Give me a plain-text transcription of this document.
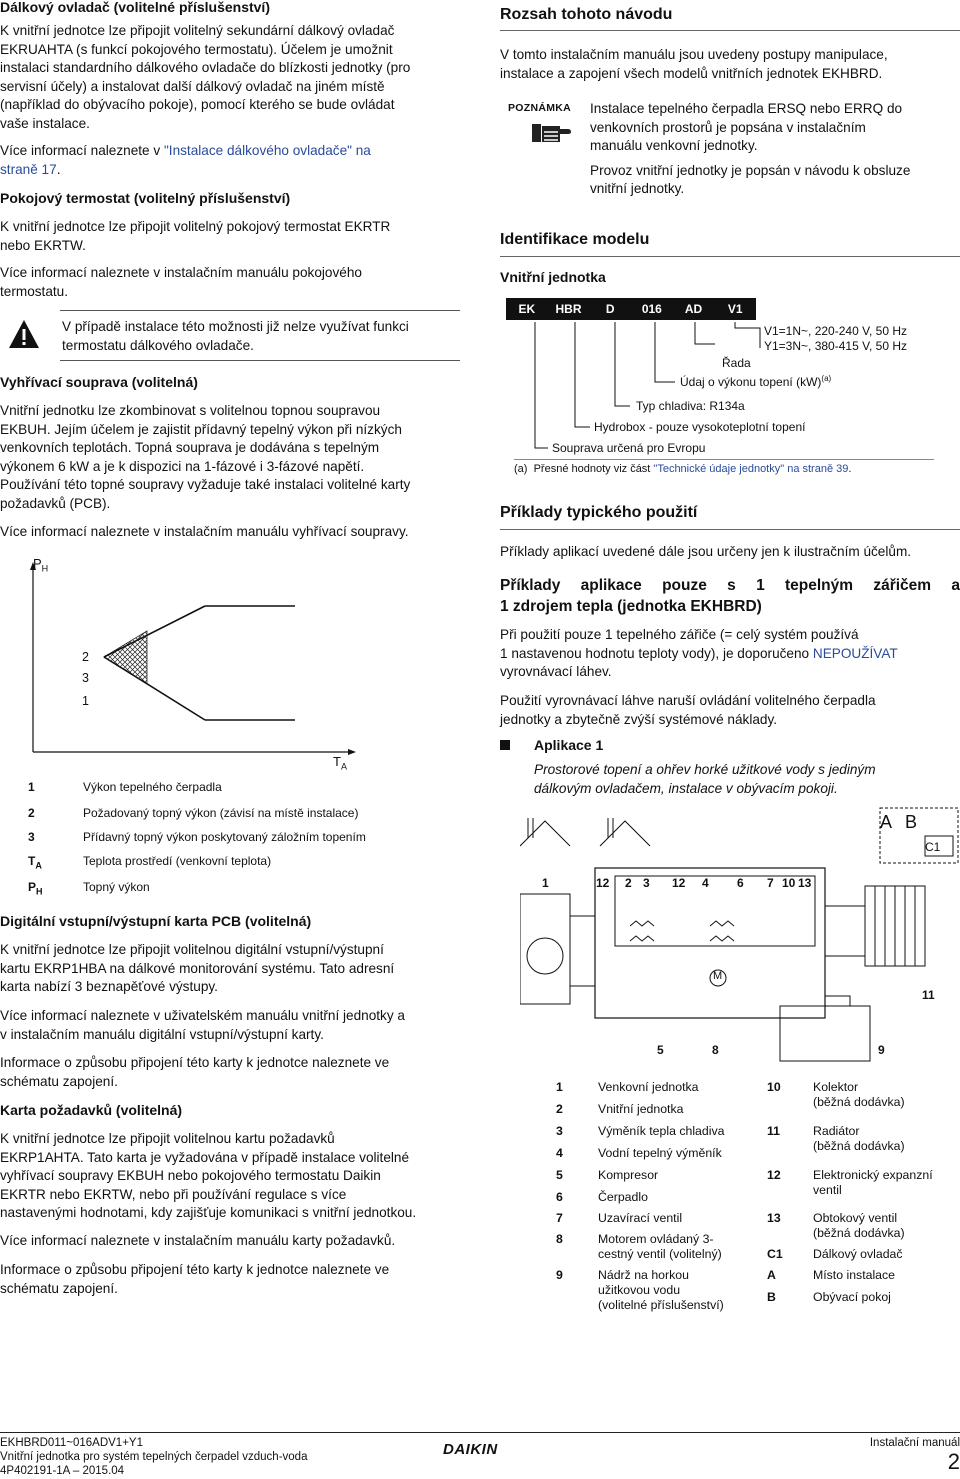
Dálkový ovladač (volitelné příslušenství)

K vnitřní jednotce lze připojit volitelný sekundární dálkový ovladač

EKRUAHTA (s funkcí pokojového termostatu). Účelem je umožnit

instalaci standardního dálkového ovladače do blízkosti jednotky (pro

servisní účely) a instalovat další dálkový ovladač na jiném místě

(například do obývacího pokoje), pomocí kterého se bude ovládat

vaše instalace.

Více informací naleznete v "Instalace dálkového ovladače" na

straně 17.

Pokojový termostat (volitelný příslušenství)

K vnitřní jednotce lze připojit volitelný pokojový termostat EKRTR

nebo EKRTW.

Více informací naleznete v instalačním manuálu pokojového

termostatu.

V případě instalace této možnosti již nelze využívat funkci

termostatu dálkového ovladače.

Vyhřívací souprava (volitelná)

Vnitřní jednotku lze zkombinovat s volitelnou topnou soupravou

EKBUH. Jejím účelem je zajistit přídavný tepelný výkon při nízkých

venkovních teplotách. Topná souprava je dodávána s tepelným

výkonem 6 kW a je k dispozici na 1-fázové i 3-fázové napětí.

Používání této topné soupravy vyžaduje také instalaci volitelné karty

požadavků (PCB).

Více informací naleznete v instalačním manuálu vyhřívací soupravy.

$P_H$
2
3
1
$T_A$
1	Výkon tepelného čerpadla
2	Požadovaný topný výkon (závisí na místě instalace)
3	Přídavný topný výkon poskytovaný záložním topením
$T_A$	Teplota prostředí (venkovní teplota)
$P_H$	Topný výkon
Digitální vstupní/výstupní karta PCB (volitelná)

K vnitřní jednotce lze připojit volitelnou digitální vstupní/výstupní

kartu EKRP1HBA na dálkové monitorování systému. Tato adresní

karta nabízí 3 beznapěťové výstupy.

Více informací naleznete v uživatelském manuálu vnitřní jednotky a

v instalačním manuálu digitální vstupní/výstupní karty.

Informace o způsobu připojení této karty k jednotce naleznete ve

schématu zapojení.

Karta požadavků (volitelná)

K vnitřní jednotce lze připojit volitelnou kartu požadavků

EKRP1AHTA. Tato karta je vyžadována v případě instalace volitelné

vyhřívací soupravy EKBUH nebo pokojového termostatu Daikin

EKRTR nebo EKRTW, nebo při používání regulace s více

nastavenými hodnotami, kdy zajišťuje komunikaci s vnitřní jednotkou.

Více informací naleznete v instalačním manuálu karty požadavků.

Informace o způsobu připojení této karty k jednotce naleznete ve

schématu zapojení.

Rozsah tohoto návodu

V tomto instalačním manuálu jsou uvedeny postupy manipulace,

instalace a zapojení všech modelů vnitřních jednotek EKHBRD.

POZNÁMKA Instalace tepelného čerpadla ERSQ nebo ERRQ do

venkovních prostorů je popsána v instalačním

manuálu venkovní jednotky.

Provoz vnitřní jednotky je popsán v návodu k obsluze

vnitřní jednotky.

Identifikace modelu
Vnitřní jednotka
EK	HBR	D	016	AD	V1
V1=1N~, 220-240 V, 50 Hz
Y1=3N~, 380-415 V, 50 Hz
Řada
Údaj o výkonu topení (kW)$^{(a)}$
Typ chladiva: R134a
Hydrobox - pouze vysokoteplotní topení
Souprava určená pro Evropu
(a) Přesné hodnoty viz část "Technické údaje jednotky" na straně 39.
Příklady typického použití

Příklady aplikací uvedené dále jsou určeny jen k ilustračním účelům.

Příklady aplikace pouze s 1 tepelným zářičem a
1 zdrojem tepla (jednotka EKHBRD)

Při použití pouze 1 tepelného zářiče (= celý systém používá

1 nastavenou hodnotu teploty vody), je doporučeno NEPOUŽÍVAT

vyrovnávací láhev.

Použití vyrovnávací láhve naruší ovládání volitelného čerpadla

jednotky a zbytečně zvýší systémové náklady.

Aplikace 1

Prostorové topení a ohřev horké užitkové vody s jediným

dálkovým ovladačem, instalace v obývacím pokoji.

A B
C1
1	12 2 3 12 4 6 7 10 13
5	8	9
11
M
1	Venkovní jednotka
2	Vnitřní jednotka
3	Výměník tepla chladiva
4	Vodní tepelný výměník
5	Kompresor
6	Čerpadlo
7	Uzavírací ventil
8	Motorem ovládaný 3-
cestný ventil (volitelný)
9	Nádrž na horkou
užitkovou vodu
(volitelné příslušenství)
10	Kolektor
(běžná dodávka)
11	Radiátor
(běžná dodávka)
12	Elektronický expanzní
ventil
13	Obtokový ventil
(běžná dodávka)
C1 Dálkový ovladač
A	Místo instalace
B	Obývací pokoj
EKHBRD011~016ADV1+Y1
Vnitřní jednotka pro systém tepelných čerpadel vzduch-voda
4P402191-1A – 2015.04
DAIKIN	Instalační manuál
2
